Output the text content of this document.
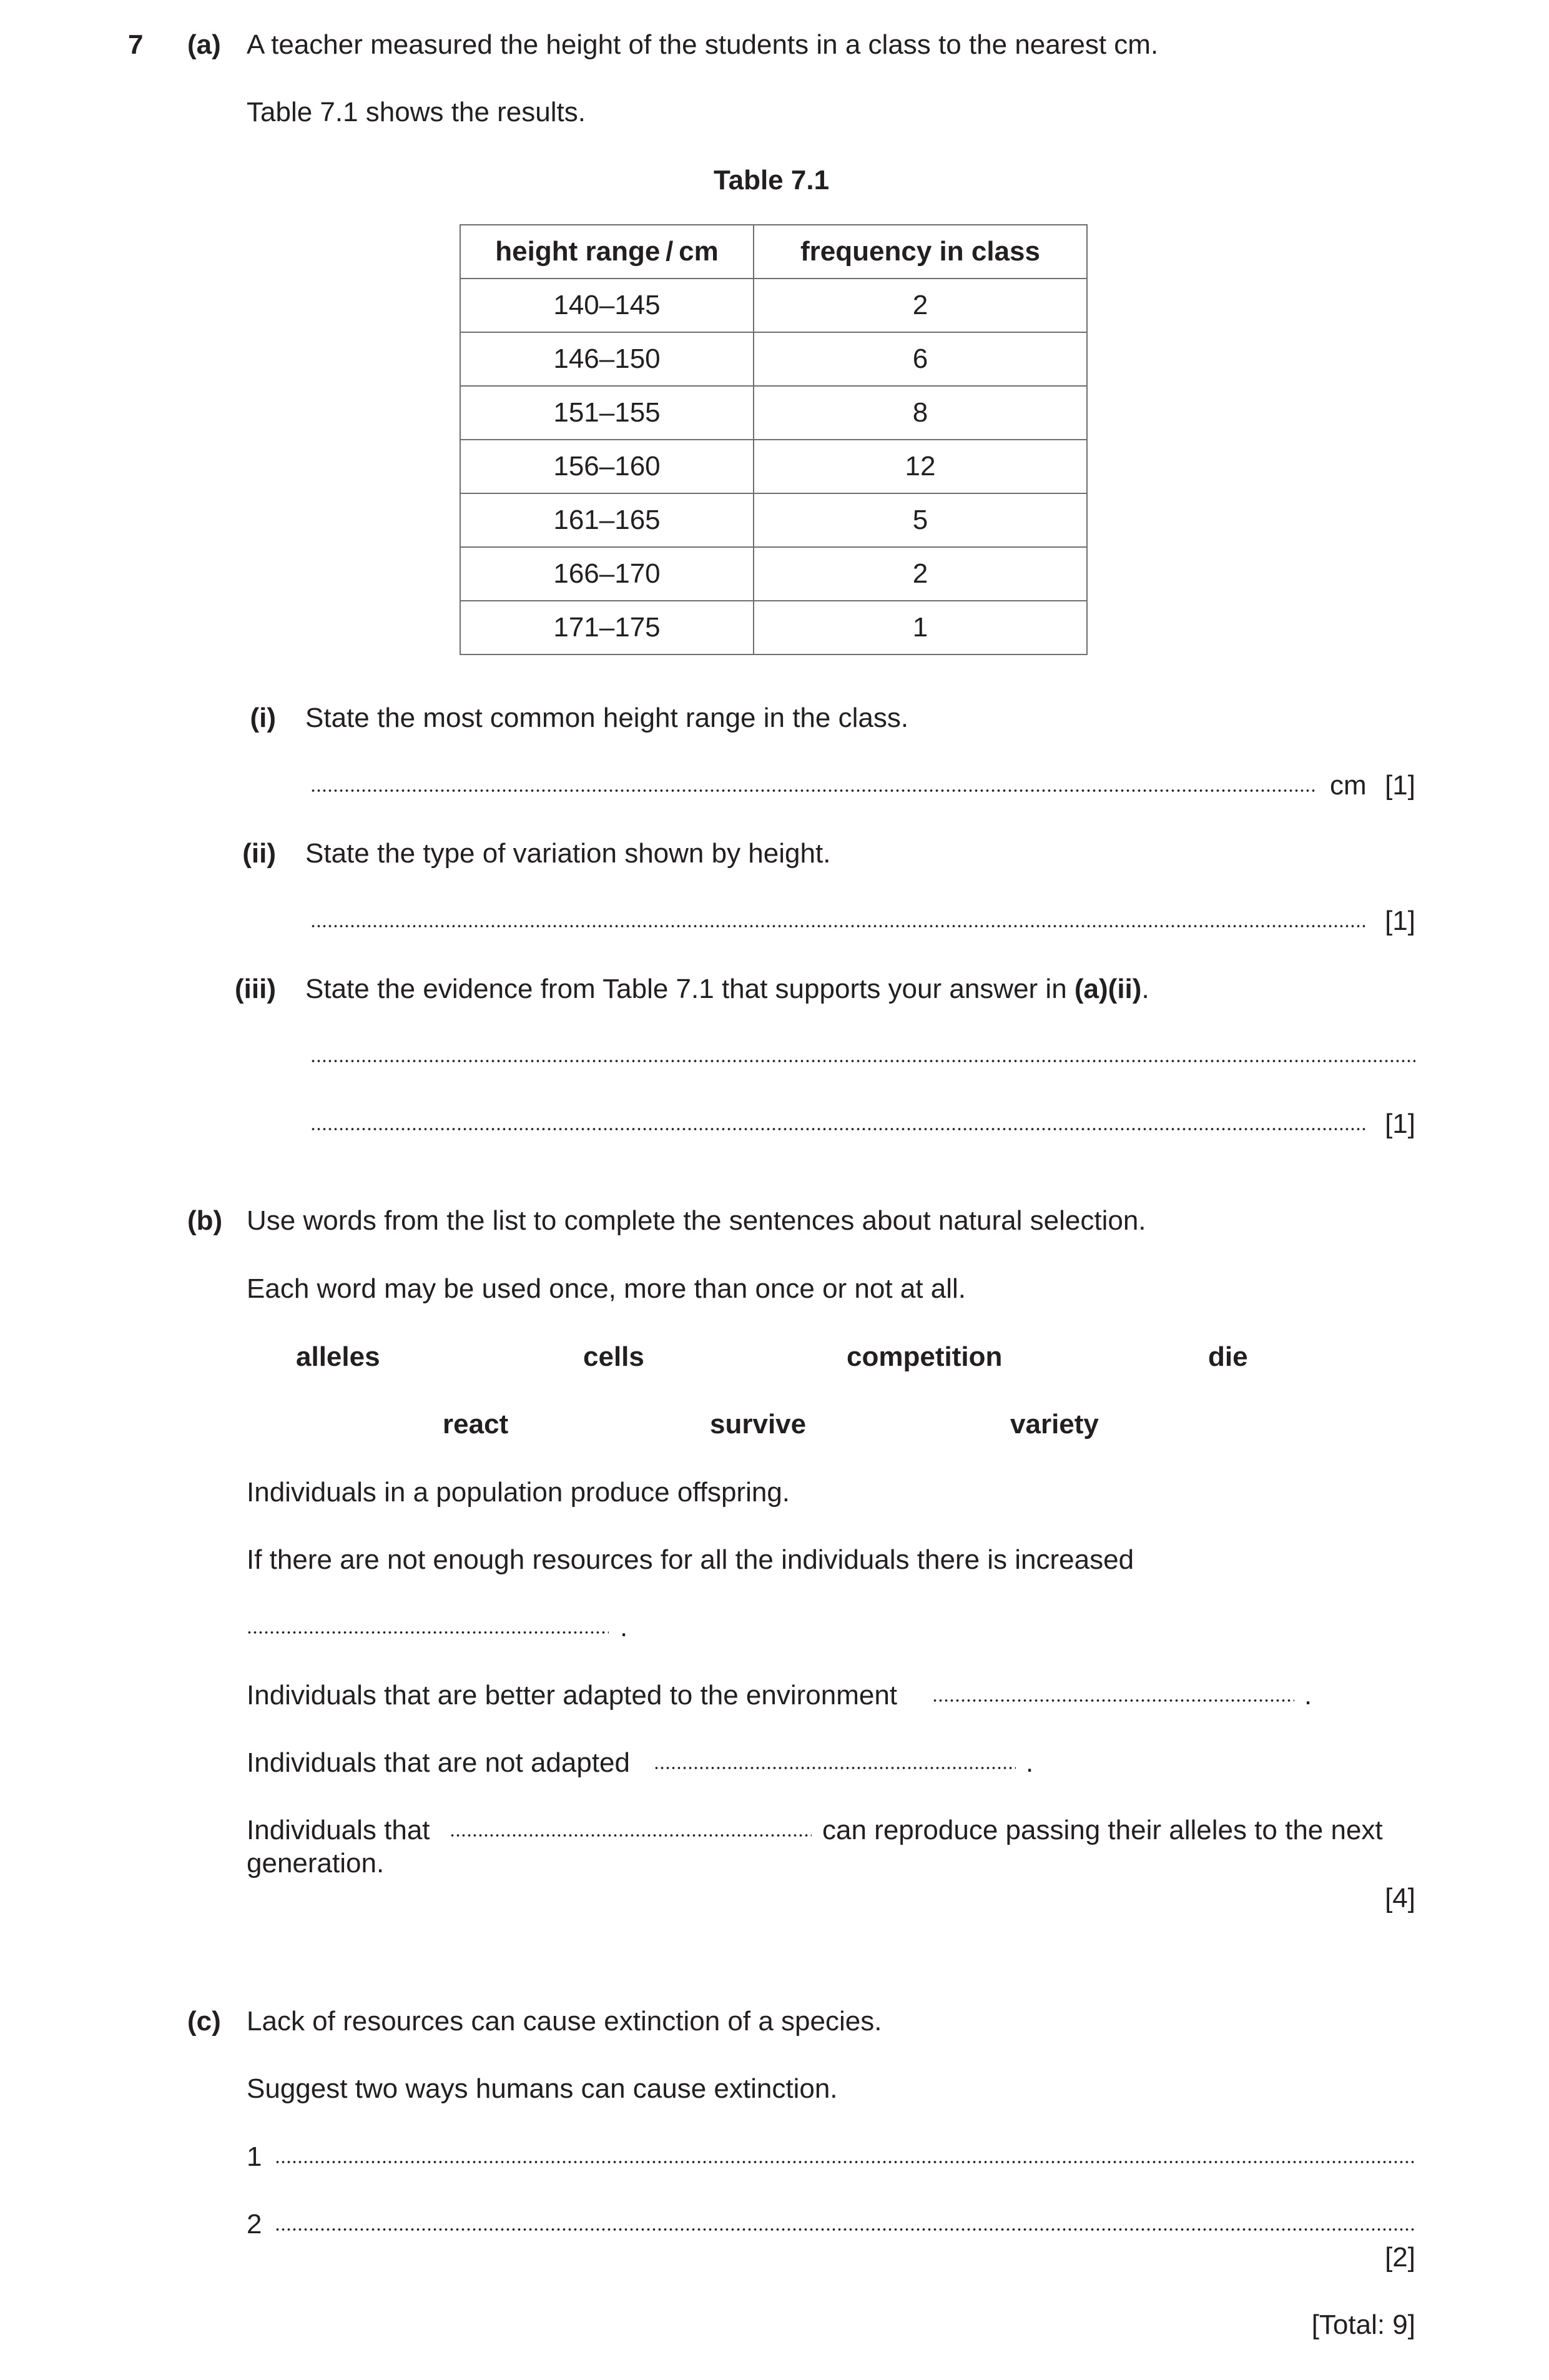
7 (a) A teacher measured the height of the students in a class to the nearest cm.
Table 7.1 shows the results.
Table 7.1
height range / cm	frequency in class
140–145	2
146–150	6
151–155	8
156–160	12
161–165	5
166–170	2
171–175	1
(i) State the most common height range in the class.
cm [1]
(ii) State the type of variation shown by height.
[1]
(iii) State the evidence from Table 7.1 that supports your answer in (a)(ii).
[1]
(b) Use words from the list to complete the sentences about natural selection.
Each word may be used once, more than once or not at all.
alleles	cells	competition	die
react	survive	variety
Individuals in a population produce offspring.
If there are not enough resources for all the individuals there is increased
.
Individuals that are better adapted to the environment	.
Individuals that are not adapted	.
Individuals that	can reproduce passing their alleles to the next
generation.
[4]
(c) Lack of resources can cause extinction of a species.
Suggest two ways humans can cause extinction.
1
2
[2]
[Total: 9]
